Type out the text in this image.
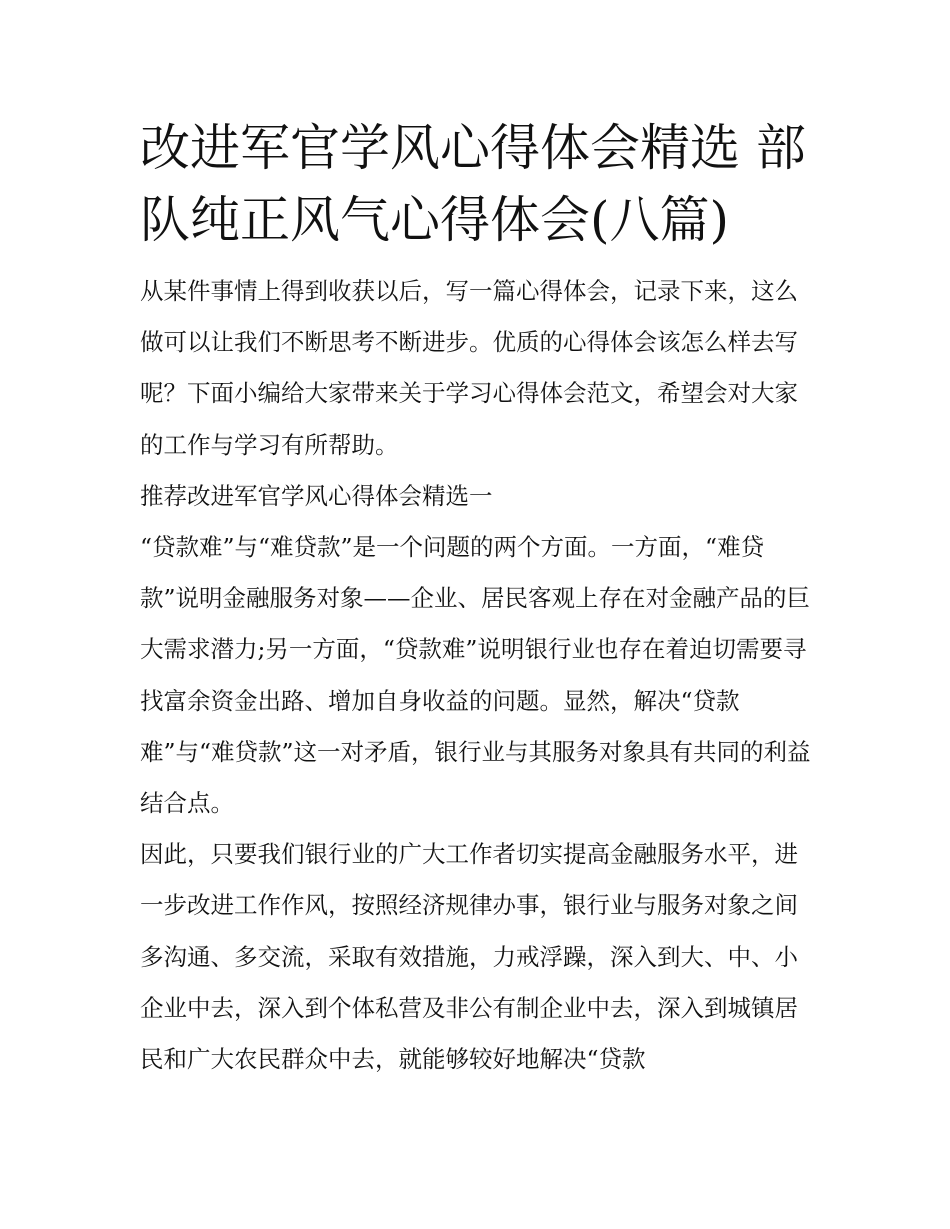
改进军官学风心得体会精选 部队纯正风气心得体会(八篇)

从某件事情上得到收获以后，写一篇心得体会，记录下来，这么做可以让我们不断思考不断进步。优质的心得体会该怎么样去写呢？下面小编给大家带来关于学习心得体会范文，希望会对大家的工作与学习有所帮助。

推荐改进军官学风心得体会精选一

“贷款难”与“难贷款”是一个问题的两个方面。一方面，“难贷款”说明金融服务对象——企业、居民客观上存在对金融产品的巨大需求潜力;另一方面，“贷款难”说明银行业也存在着迫切需要寻找富余资金出路、增加自身收益的问题。显然，解决“贷款难”与“难贷款”这一对矛盾，银行业与其服务对象具有共同的利益结合点。

因此，只要我们银行业的广大工作者切实提高金融服务水平，进一步改进工作作风，按照经济规律办事，银行业与服务对象之间多沟通、多交流，采取有效措施，力戒浮躁，深入到大、中、小企业中去，深入到个体私营及非公有制企业中去，深入到城镇居民和广大农民群众中去，就能够较好地解决“贷款
